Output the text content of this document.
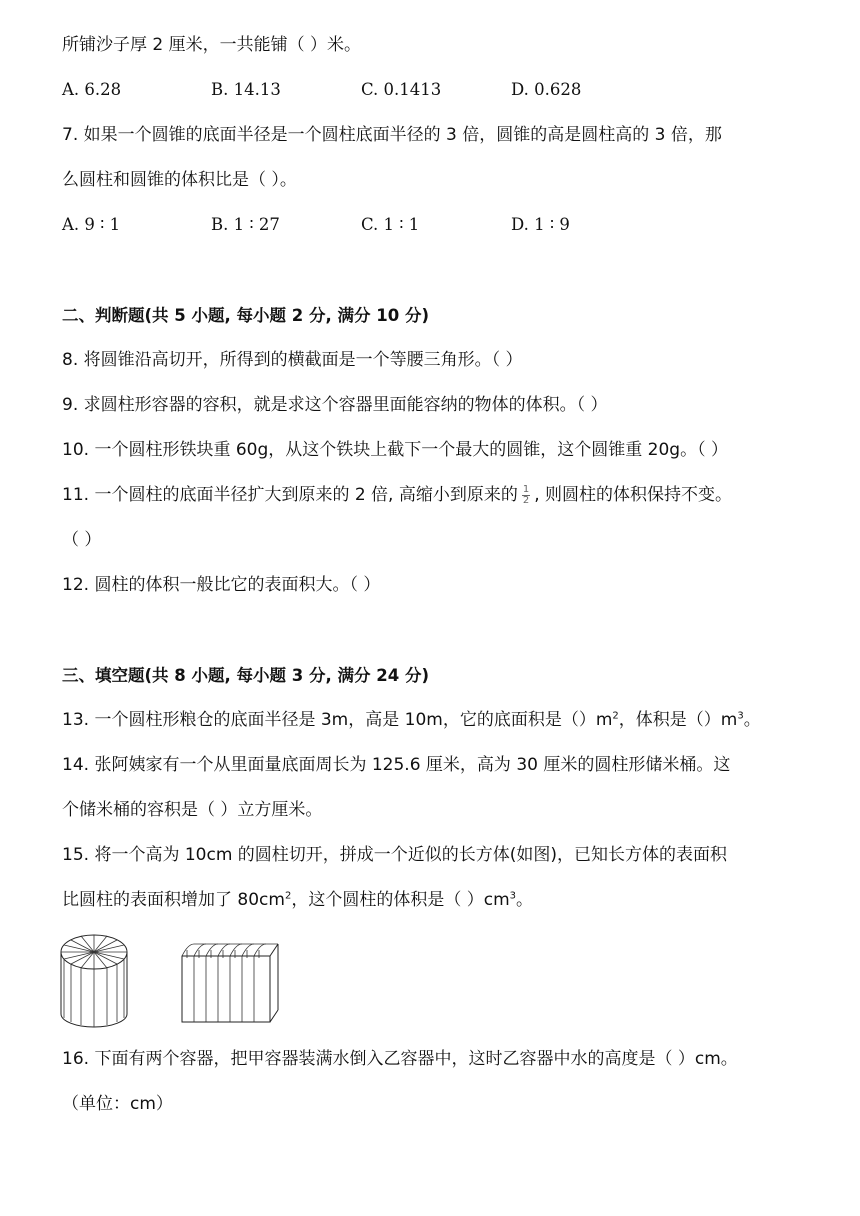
所铺沙子厚 2 厘米，一共能铺（ ）米。
A. 6.28	B. 14.13	C. 0.1413	D. 0.628
7. 如果一个圆锥的底面半径是一个圆柱底面半径的 3 倍，圆锥的高是圆柱高的 3 倍，那
么圆柱和圆锥的体积比是（ ）。
A. 9 ∶ 1	B. 1 ∶ 27	C. 1 ∶ 1	D. 1 ∶ 9
二、判断题(共 5 小题, 每小题 2 分, 满分 10 分)
8. 将圆锥沿高切开，所得到的横截面是一个等腰三角形。（ ）
9. 求圆柱形容器的容积，就是求这个容器里面能容纳的物体的体积。（ ）
10. 一个圆柱形铁块重 60g，从这个铁块上截下一个最大的圆锥，这个圆锥重 20g。（ ）
11. 一个圆柱的底面半径扩大到原来的 2 倍, 高缩小到原来的 $\frac{1}{2}$ , 则圆柱的体积保持不变。
（ ）
12. 圆柱的体积一般比它的表面积大。（ ）
三、填空题(共 8 小题, 每小题 3 分, 满分 24 分)
13. 一个圆柱形粮仓的底面半径是 3m，高是 10m，它的底面积是$()m^2$，体积是$()m^3$。
14. 张阿姨家有一个从里面量底面周长为 125.6 厘米，高为 30 厘米的圆柱形储米桶。这
个储米桶的容积是（ ）立方厘米。
15. 将一个高为 10cm 的圆柱切开，拼成一个近似的长方体(如图)，已知长方体的表面积
比圆柱的表面积增加了 $80cm^2$，这个圆柱的体积是（ ）$cm^3$。
16. 下面有两个容器，把甲容器装满水倒入乙容器中，这时乙容器中水的高度是（ ）cm。
（单位：cm）
